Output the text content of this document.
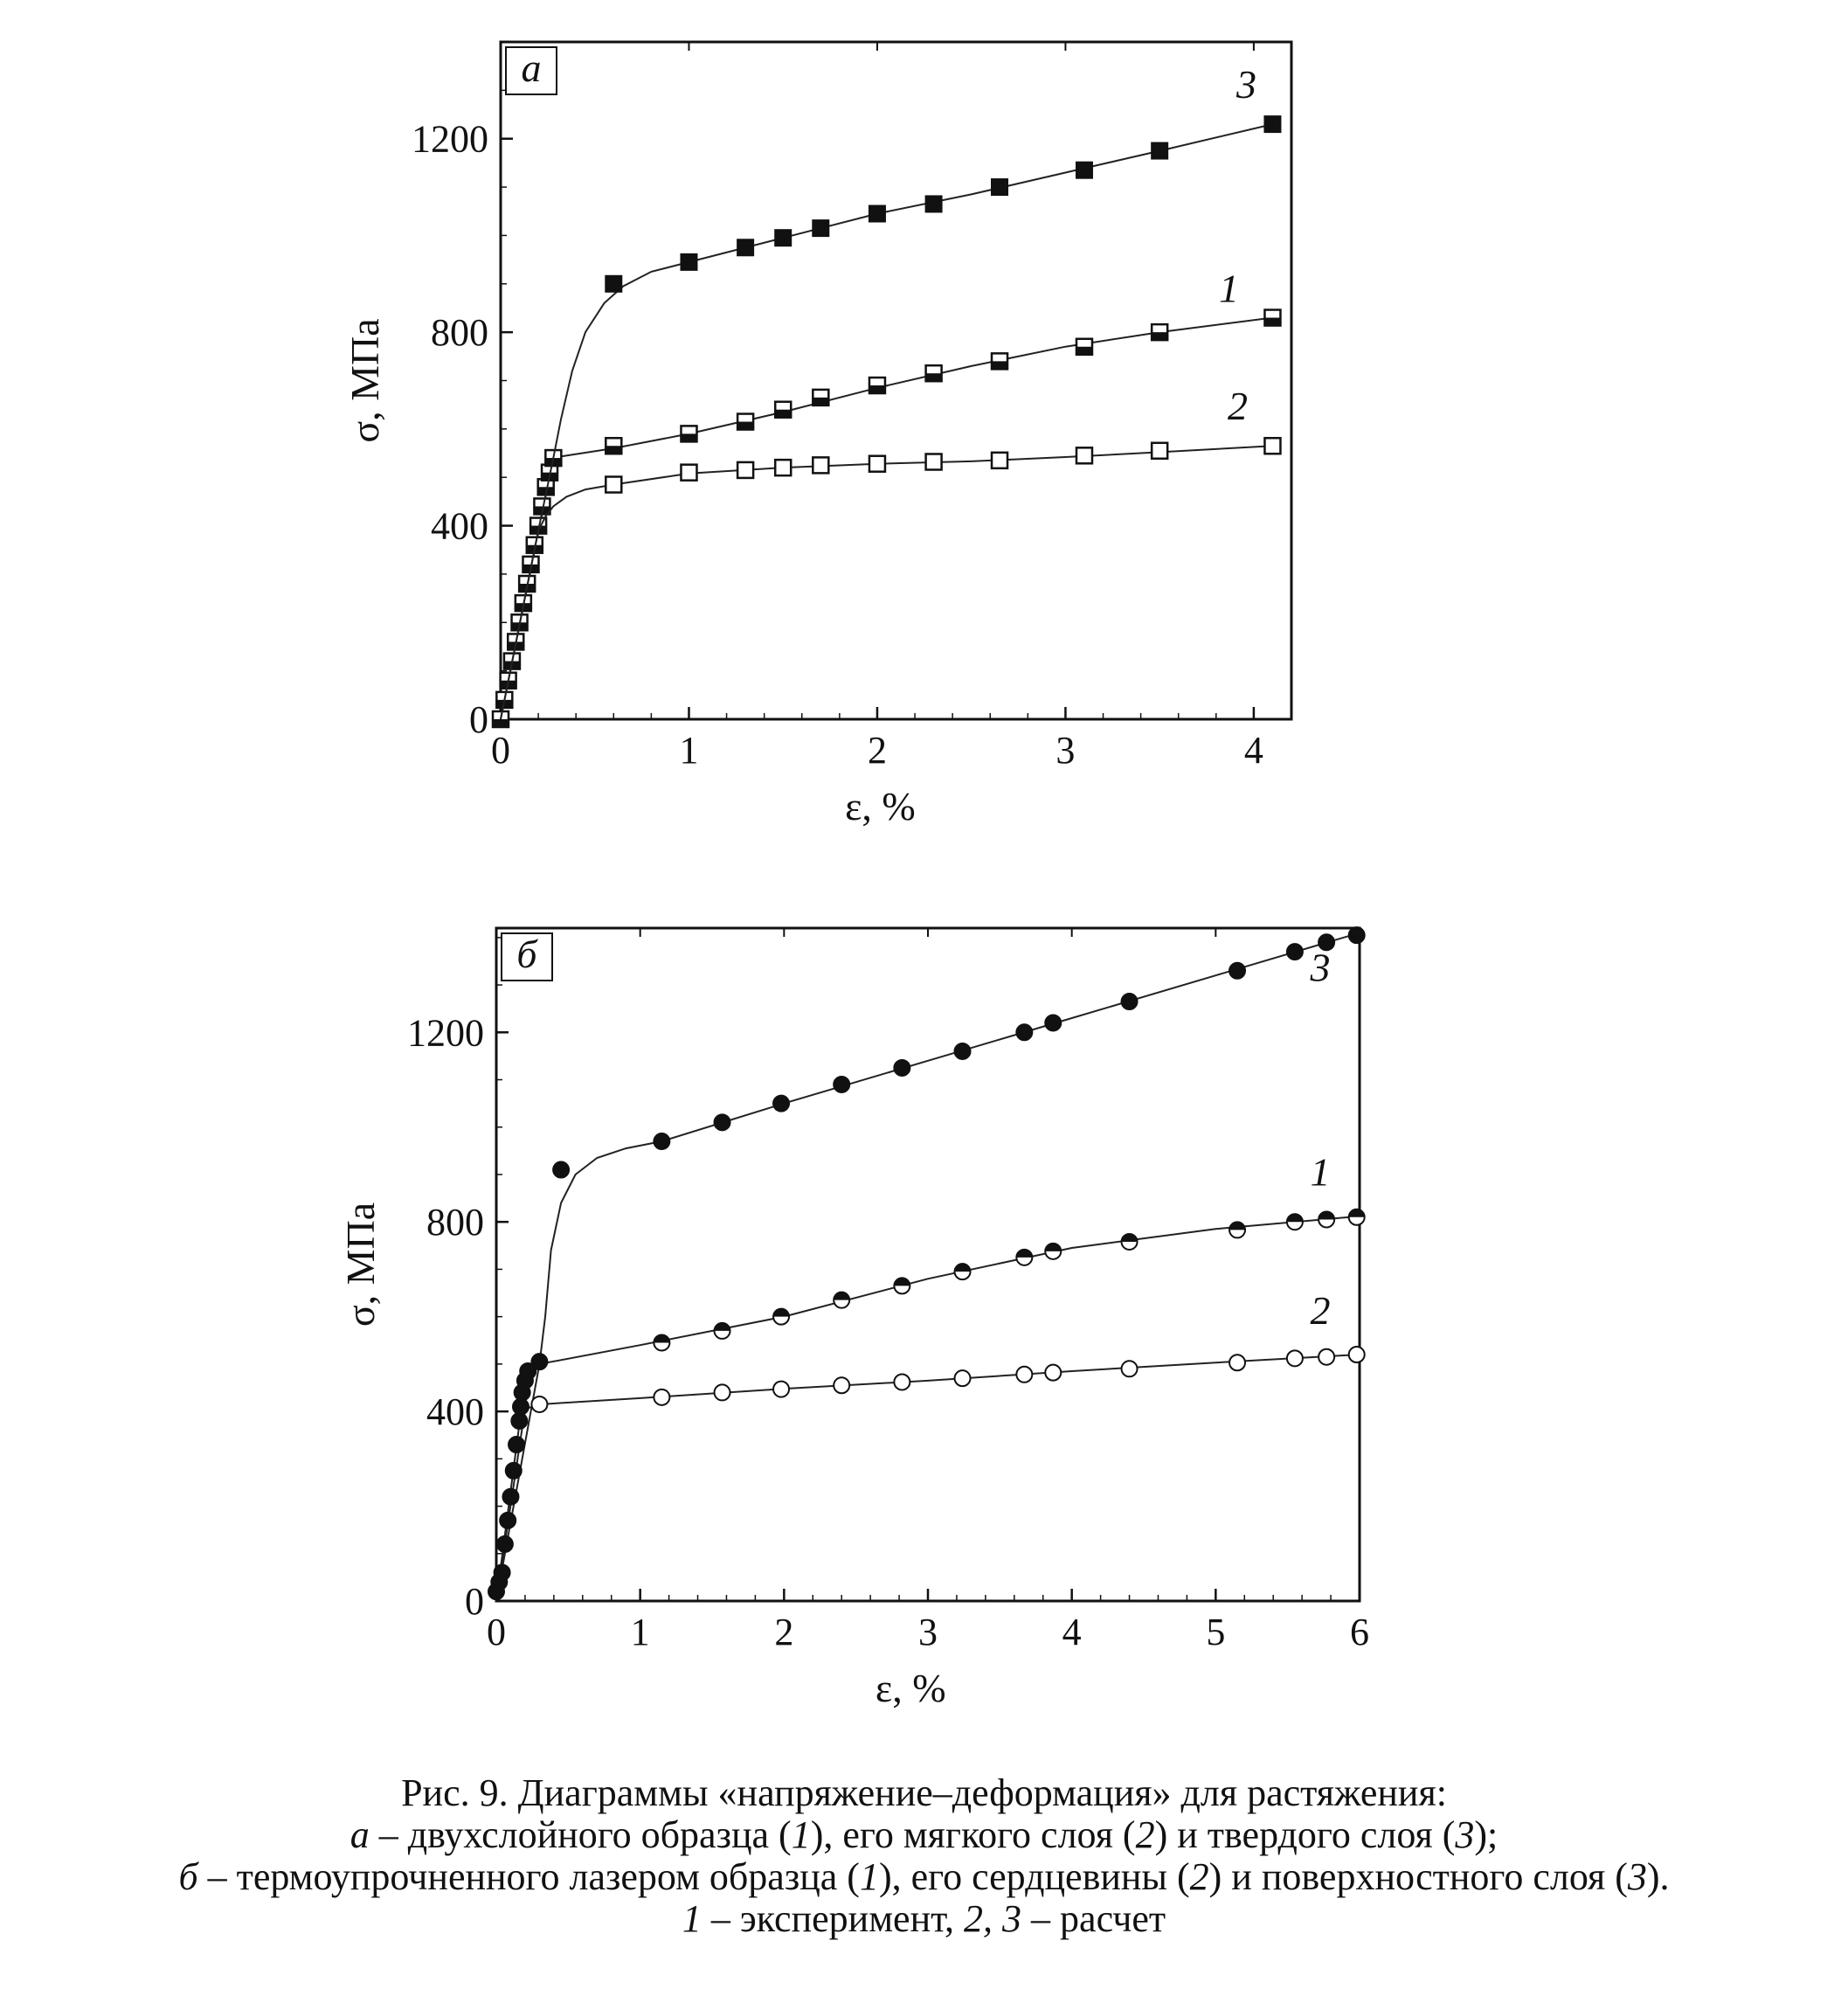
0	1	2	3	4
0
400
800
1200
ε, %
σ, МПа
а
1
2
3
0	1	2	3	4	5	6
0
400
800
1200
ε, %
σ, МПа
б
1
2
3
Рис. 9. Диаграммы «напряжение–деформация» для растяжения:
а – двухслойного образца (1), его мягкого слоя (2) и твердого слоя (3);
б – термоупрочненного лазером образца (1), его сердцевины (2) и поверхностного слоя (3).
1 – эксперимент, 2, 3 – расчет
